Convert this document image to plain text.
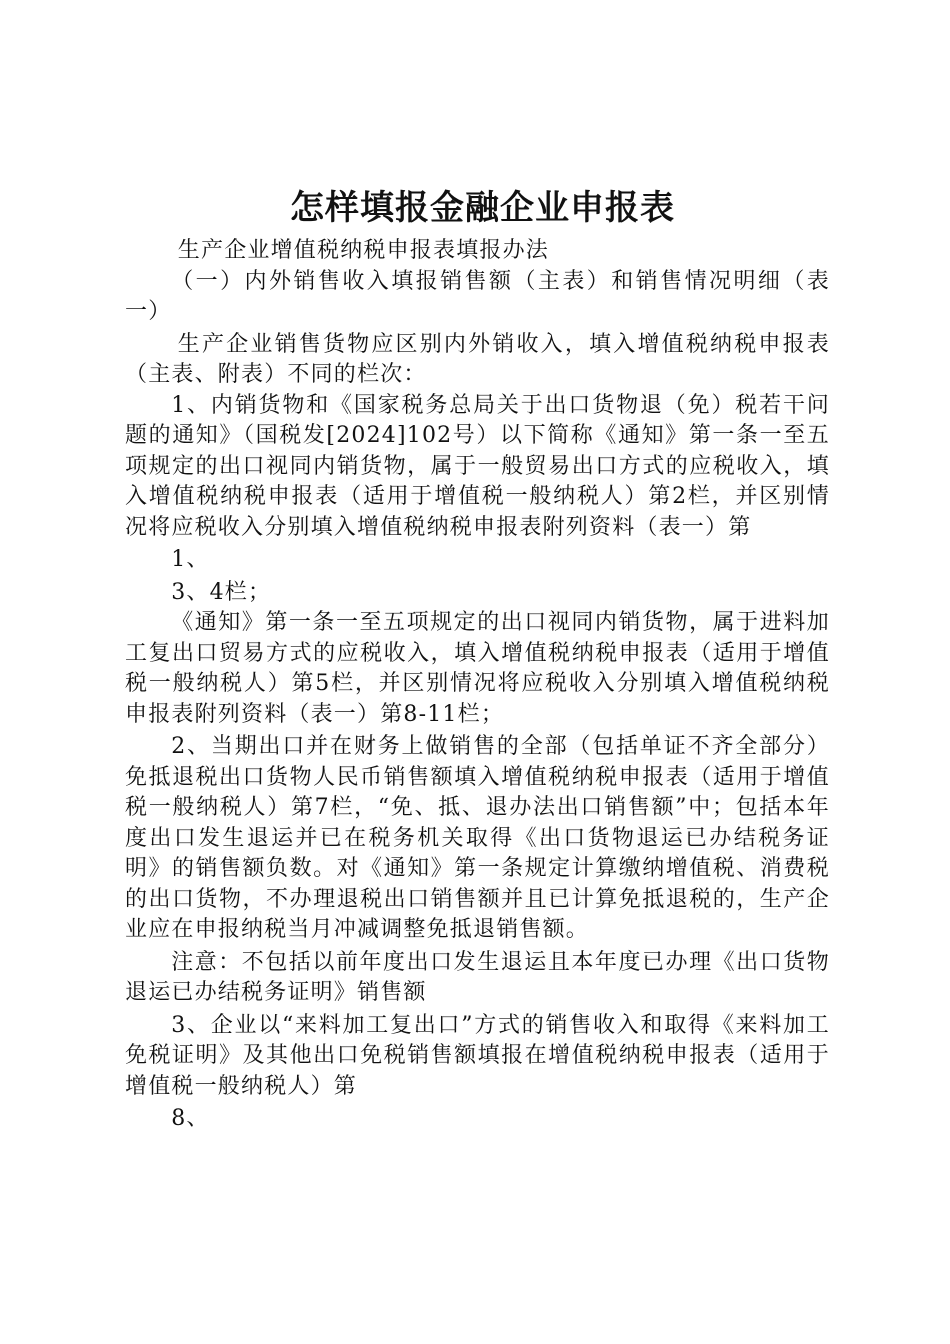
怎样填报金融企业申报表

生产企业增值税纳税申报表填报办法

（一）内外销售收入填报销售额（主表）和销售情况明细（表一）

生产企业销售货物应区别内外销收入，填入增值税纳税申报表（主表、附表）不同的栏次：

1、内销货物和《国家税务总局关于出口货物退（免）税若干问题的通知》（国税发[2024]102号）以下简称《通知》第一条一至五项规定的出口视同内销货物，属于一般贸易出口方式的应税收入，填入增值税纳税申报表（适用于增值税一般纳税人）第2栏，并区别情况将应税收入分别填入增值税纳税申报表附列资料（表一）第

1、

3、4栏；

《通知》第一条一至五项规定的出口视同内销货物，属于进料加工复出口贸易方式的应税收入，填入增值税纳税申报表（适用于增值税一般纳税人）第5栏，并区别情况将应税收入分别填入增值税纳税申报表附列资料（表一）第8-11栏；

2、当期出口并在财务上做销售的全部（包括单证不齐全部分）免抵退税出口货物人民币销售额填入增值税纳税申报表（适用于增值税一般纳税人）第7栏，“免、抵、退办法出口销售额”中；包括本年度出口发生退运并已在税务机关取得《出口货物退运已办结税务证明》的销售额负数。对《通知》第一条规定计算缴纳增值税、消费税的出口货物，不办理退税出口销售额并且已计算免抵退税的，生产企业应在申报纳税当月冲减调整免抵退销售额。

注意：不包括以前年度出口发生退运且本年度已办理《出口货物退运已办结税务证明》销售额

3、企业以“来料加工复出口”方式的销售收入和取得《来料加工免税证明》及其他出口免税销售额填报在增值税纳税申报表（适用于增值税一般纳税人）第

8、
